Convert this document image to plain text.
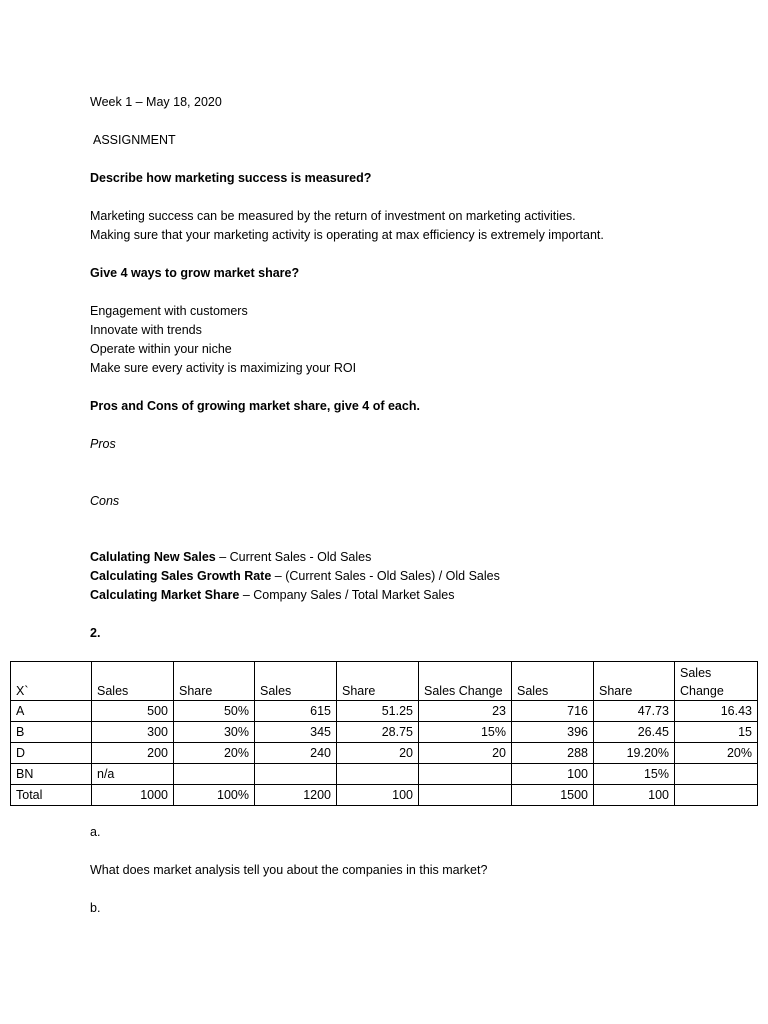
Week 1 – May 18, 2020
ASSIGNMENT
Describe how marketing success is measured?
Marketing success can be measured by the return of investment on marketing activities.
Making sure that your marketing activity is operating at max efficiency is extremely important.
Give 4 ways to grow market share?
Engagement with customers
Innovate with trends
Operate within your niche
Make sure every activity is maximizing your ROI
Pros and Cons of growing market share, give 4 of each.
Pros
Cons
Calulating New Sales – Current Sales - Old Sales
Calculating Sales Growth Rate – (Current Sales - Old Sales) / Old Sales
Calculating Market Share – Company Sales / Total Market Sales
2.
X`	Sales	Share	Sales	Share	Sales Change	Sales	Share	Sales Change
A	500	50%	615	51.25	23	716	47.73	16.43
B	300	30%	345	28.75	15%	396	26.45	15
D	200	20%	240	20	20	288	19.20%	20%
BN	n/a					100	15%	
Total	1000	100%	1200	100		1500	100	
a.
What does market analysis tell you about the companies in this market?
b.
